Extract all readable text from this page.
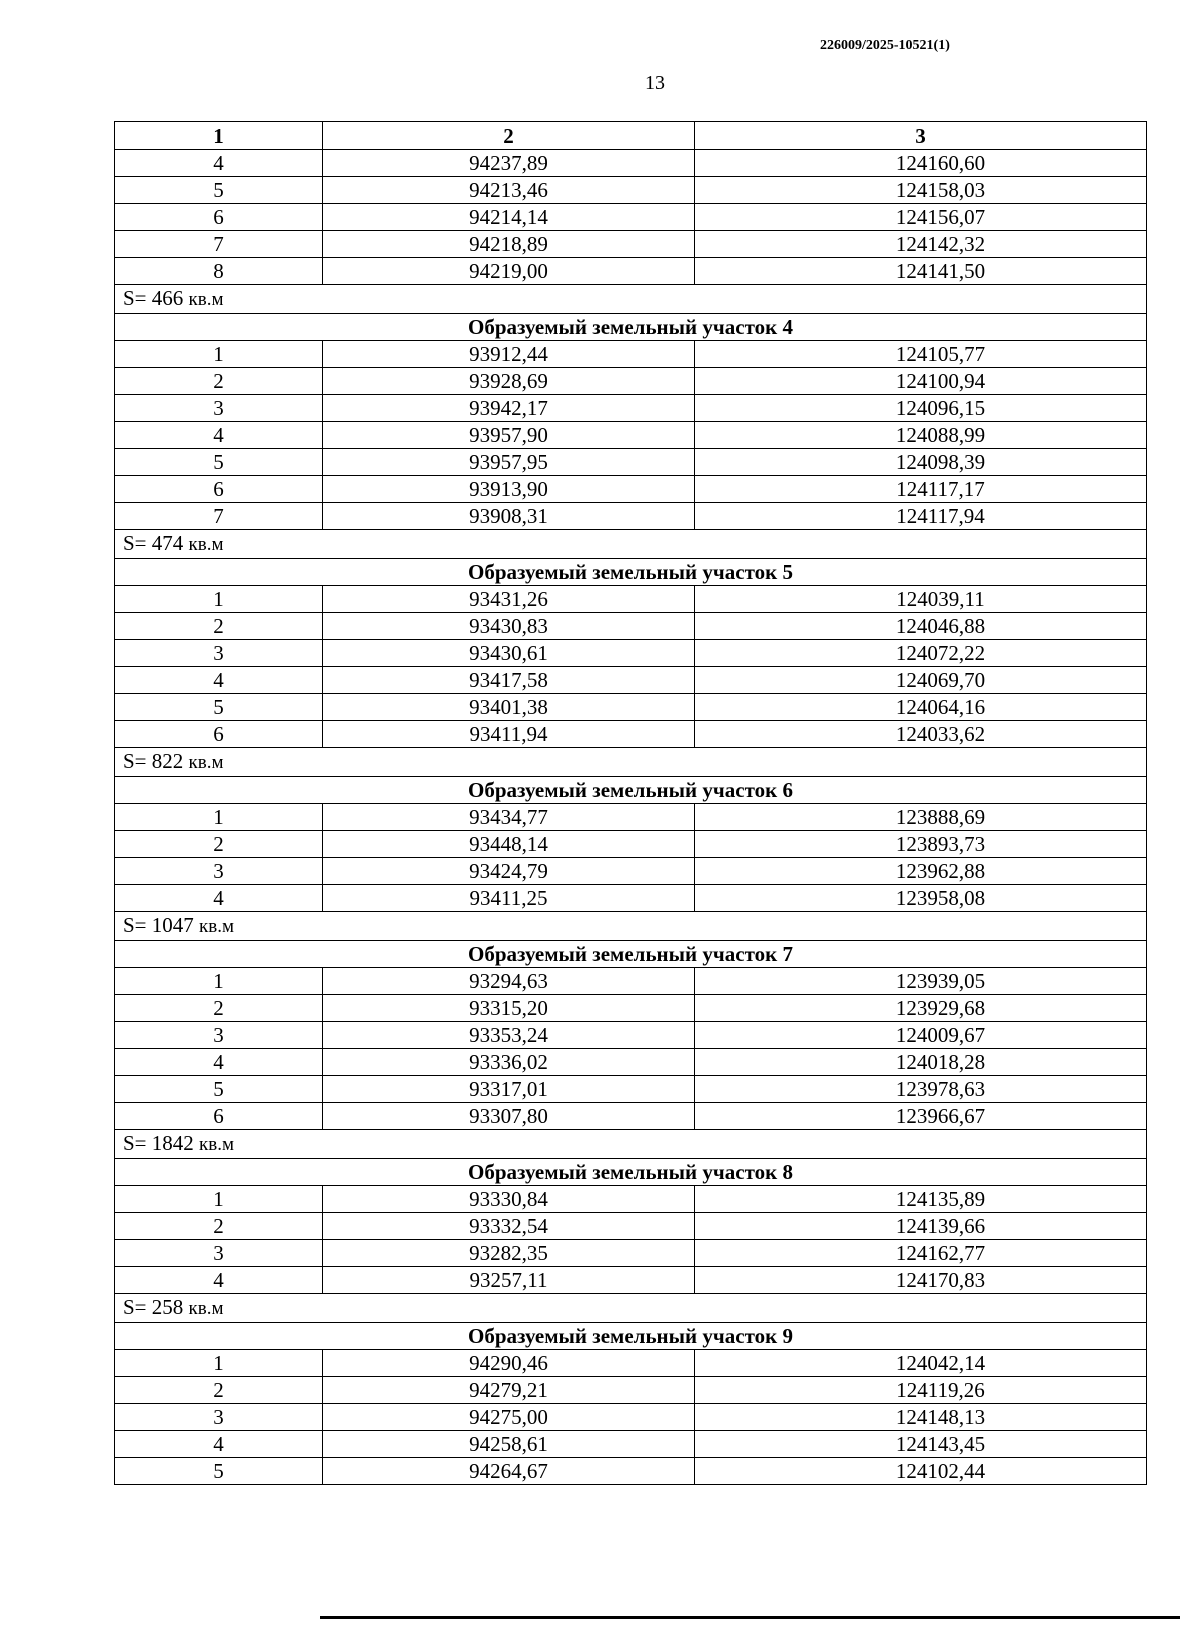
226009/2025-10521(1)
13
1	2	3
4	94237,89	124160,60
5	94213,46	124158,03
6	94214,14	124156,07
7	94218,89	124142,32
8	94219,00	124141,50
S= 466 кв.м		
Образуемый земельный участок 4		
1	93912,44	124105,77
2	93928,69	124100,94
3	93942,17	124096,15
4	93957,90	124088,99
5	93957,95	124098,39
6	93913,90	124117,17
7	93908,31	124117,94
S= 474 кв.м		
Образуемый земельный участок 5		
1	93431,26	124039,11
2	93430,83	124046,88
3	93430,61	124072,22
4	93417,58	124069,70
5	93401,38	124064,16
6	93411,94	124033,62
S= 822 кв.м		
Образуемый земельный участок 6		
1	93434,77	123888,69
2	93448,14	123893,73
3	93424,79	123962,88
4	93411,25	123958,08
S= 1047 кв.м		
Образуемый земельный участок 7		
1	93294,63	123939,05
2	93315,20	123929,68
3	93353,24	124009,67
4	93336,02	124018,28
5	93317,01	123978,63
6	93307,80	123966,67
S= 1842 кв.м		
Образуемый земельный участок 8		
1	93330,84	124135,89
2	93332,54	124139,66
3	93282,35	124162,77
4	93257,11	124170,83
S= 258 кв.м		
Образуемый земельный участок 9		
1	94290,46	124042,14
2	94279,21	124119,26
3	94275,00	124148,13
4	94258,61	124143,45
5	94264,67	124102,44
